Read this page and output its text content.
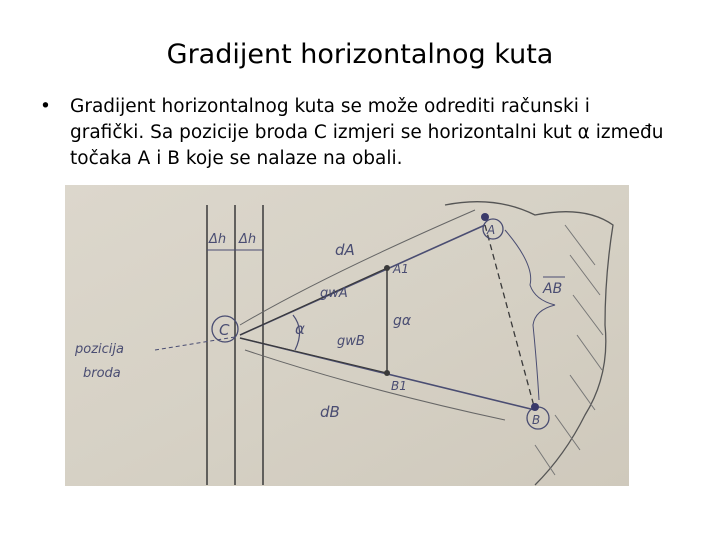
Gradijent horizontalnog kuta
• Gradijent horizontalnog kuta se može odrediti računski i grafički. Sa pozicije broda C izmjeri se horizontalni kut α između točaka A i B koje se nalaze na obali.
Δh Δh
pozicija
broda
C
A
B
AB
α
dA
dB
gwA
gwB
gα
A1
B1
